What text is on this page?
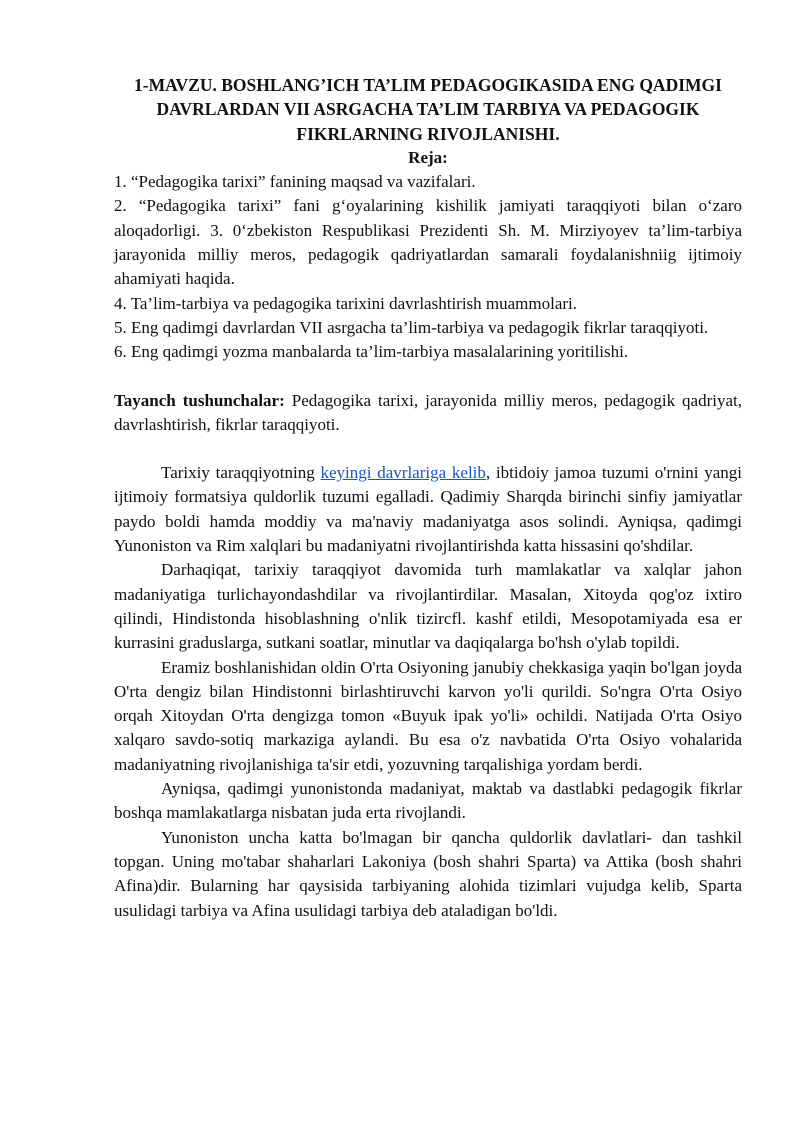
1-MAVZU. BOSHLANG’ICH TA’LIM PEDAGOGIKASIDA ENG QADIMGI DAVRLARDAN VII ASRGACHA TA’LIM TARBIYA VA PEDAGOGIK FIKRLARNING RIVOJLANISHI.

Reja:

1. “Pedagogika tarixi” fanining maqsad va vazifalari.

2. “Pedagogika tarixi” fani g‘oyalarining kishilik jamiyati taraqqiyoti bilan o‘zaro aloqadorligi. 3. 0‘zbekiston Respublikasi Prezidenti Sh. M. Mirziyoyev ta’lim-tarbiya jarayonida milliy meros, pedagogik qadriyatlardan samarali foydalanishniig ijtimoiy ahamiyati haqida.

4. Ta’lim-tarbiya va pedagogika tarixini davrlashtirish muammolari.

5. Eng qadimgi davrlardan VII asrgacha ta’lim-tarbiya va pedagogik fikrlar taraqqiyoti.

6. Eng qadimgi yozma manbalarda ta’lim-tarbiya masalalarining yoritilishi.

Tayanch tushunchalar: Pedagogika tarixi, jarayonida milliy meros, pedagogik qadriyat, davrlashtirish, fikrlar taraqqiyoti.

Tarixiy taraqqiyotning keyingi davrlariga kelib, ibtidoiy jamoa tuzumi o'rnini yangi ijtimoiy formatsiya quldorlik tuzumi egalladi. Qadimiy Sharqda birinchi sinfiy jamiyatlar paydo boldi hamda moddiy va ma'naviy madaniyatga asos solindi. Ayniqsa, qadimgi Yunoniston va Rim xalqlari bu madaniyatni rivojlantirishda katta hissasini qo'shdilar.

Darhaqiqat, tarixiy taraqqiyot davomida turh mamlakatlar va xalqlar jahon madaniyatiga turlichayondashdilar va rivojlantirdilar. Masalan, Xitoyda qog'oz ixtiro qilindi, Hindistonda hisoblashning o'nlik tizircfl. kashf etildi, Mesopotamiyada esa er kurrasini graduslarga, sutkani soatlar, minutlar va daqiqalarga bo'hsh o'ylab topildi.

Eramiz boshlanishidan oldin O'rta Osiyoning janubiy chekkasiga yaqin bo'lgan joyda O'rta dengiz bilan Hindistonni birlashtiruvchi karvon yo'li qurildi. So'ngra O'rta Osiyo orqah Xitoydan O'rta dengizga tomon «Buyuk ipak yo'li» ochildi. Natijada O'rta Osiyo xalqaro savdo-sotiq markaziga aylandi. Bu esa o'z navbatida O'rta Osiyo vohalarida madaniyatning rivojlanishiga ta'sir etdi, yozuvning tarqalishiga yordam berdi.

Ayniqsa, qadimgi yunonistonda madaniyat, maktab va dastlabki pedagogik fikrlar boshqa mamlakatlarga nisbatan juda erta rivojlandi.

Yunoniston uncha katta bo'lmagan bir qancha quldorlik davlatlari- dan tashkil topgan. Uning mo'tabar shaharlari Lakoniya (bosh shahri Sparta) va Attika (bosh shahri Afina)dir. Bularning har qaysisida tarbiyaning alohida tizimlari vujudga kelib, Sparta usulidagi tarbiya va Afina usulidagi tarbiya deb ataladigan bo'ldi.
